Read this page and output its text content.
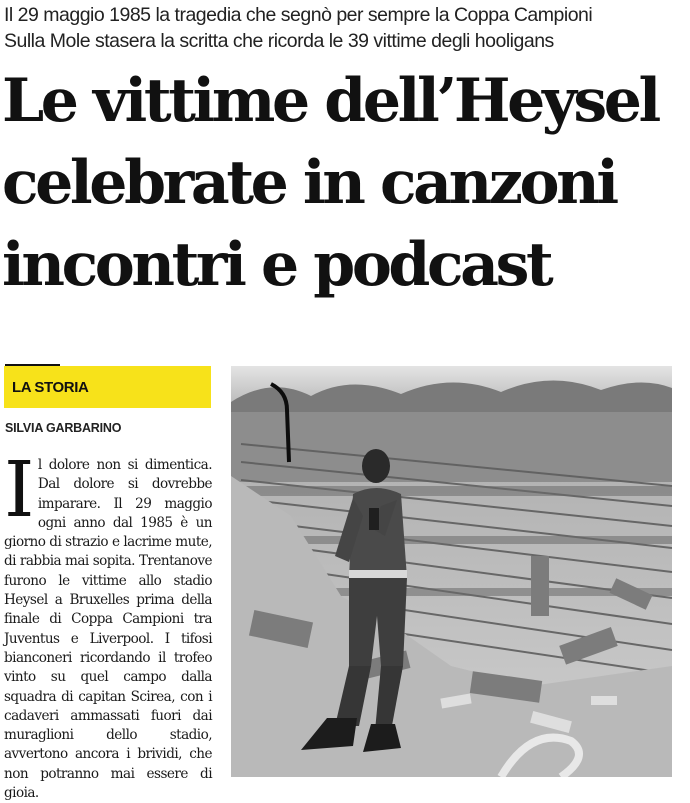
Il 29 maggio 1985 la tragedia che segnò per sempre la Coppa Campioni
Sulla Mole stasera la scritta che ricorda le 39 vittime degli hooligans
Le vittime dell’Heysel
celebrate in canzoni
incontri e podcast
LA STORIA
SILVIA GARBARINO
Il dolore non si dimentica. Dal dolore si dovrebbe imparare. Il 29 maggio ogni anno dal 1985 è un giorno di strazio e lacrime mute, di rabbia mai sopita. Trentanove furono le vittime allo stadio Heysel a Bruxelles prima della finale di Coppa Campioni tra Juventus e Liverpool. I tifosi bianconeri ricordando il trofeo vinto su quel campo dalla squadra di capitan Scirea, con i cadaveri ammassati fuori dai muraglioni dello stadio, avvertono ancora i brividi, che non potranno mai essere di gioia.
